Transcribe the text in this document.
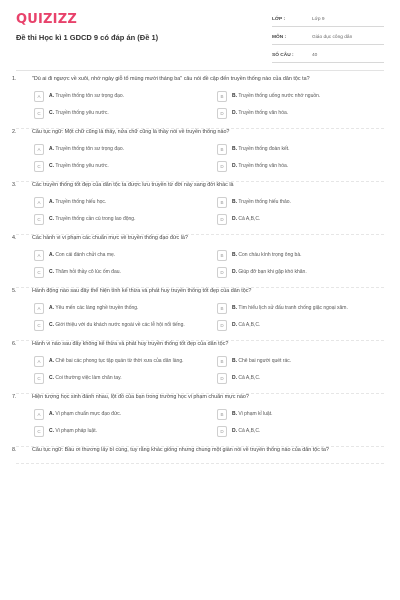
QUIZIZZ
Đề thi Học kì 1 GDCD 9 có đáp án (Đề 1)
LỚP :	Lớp 9
MÔN :	Giáo dục công dân
SỐ CÂU :	40
1.	"Dù ai đi ngược về xuôi, nhớ ngày giỗ tổ mùng mười tháng ba" câu nói đề cập đến truyền thống nào của dân tộc ta?
A	A. Truyền thống tôn sư trọng đạo.	B	B. Truyền thống uống nước nhớ nguồn.
C	C. Truyền thống yêu nước.	D	D. Truyền thống văn hóa.
2.	Câu tục ngữ: Một chữ cũng là thầy, nửa chữ cũng là thầy nói về truyền thống nào?
A	A. Truyền thống tôn sư trọng đạo.	B	B. Truyền thống đoàn kết.
C	C. Truyền thống yêu nước.	D	D. Truyền thống văn hóa.
3.	Các truyền thống tốt đẹp của dân tộc ta được lưu truyền từ đời này sang đời khác là
A	A. Truyền thống hiếu học.	B	B. Truyền thống hiếu thảo.
C	C. Truyền thống cần cù trong lao động.	D	D. Cả A,B,C.
4.	Các hành vi vi phạm các chuẩn mực về truyền thống đạo đức là?
A	A. Con cái đánh chửi cha mẹ.	B	B. Con cháu kính trọng ông bà.
C	C. Thăm hỏi thầy cô lúc ốm đau.	D	D. Giúp đỡ bạn khi gặp khó khăn.
5.	Hành động nào sau đây thể hiện tính kế thừa và phát huy truyền thống tốt đẹp của dân tộc?
A	A. Yêu mến các làng nghề truyền thống.	B	B. Tìm hiểu lịch sử đấu tranh chống giặc ngoại xâm.
C	C. Giới thiệu với du khách nước ngoài về các lễ hội nổi tiếng.	D	D. Cả A,B,C.
6.	Hành vi nào sau đây không kế thừa và phát huy truyền thống tốt đẹp của dân tộc?
A	A. Chê bai các phong tục tập quán từ thời xưa của dân làng.	B	B. Chê bai người quét rác.
C	C. Coi thường việc làm chăn tay.	D	D. Cả A,B,C.
7.	Hiện tượng học sinh đánh nhau, lột đồ của bạn trong trường học vi phạm chuẩn mực nào?
A	A. Vi phạm chuẩn mực đạo đức.	B	B. Vi phạm kỉ luật.
C	C. Vi phạm pháp luật.	D	D. Cả A,B,C.
8.	Câu tục ngữ: Bầu ơi thương lấy bí cùng, tuy rằng khác giống nhưng chung một giàn nói về truyền thống nào của dân tộc ta?
